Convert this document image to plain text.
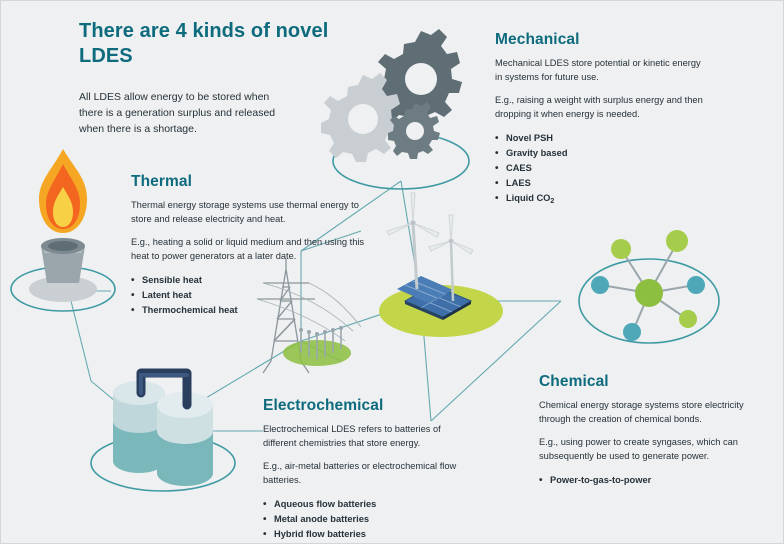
There are 4 kinds of novel LDES
All LDES allow energy to be stored when there is a generation surplus and released when there is a shortage.
Mechanical

Mechanical LDES store potential or kinetic energy in systems for future use.

E.g., raising a weight with surplus energy and then dropping it when energy is needed.

• Novel PSH
• Gravity based
• CAES
• LAES
• Liquid $CO_2$
Thermal

Thermal energy storage systems use thermal energy to store and release electricity and heat.

E.g., heating a solid or liquid medium and then using this heat to power generators at a later date.

• Sensible heat
• Latent heat
• Thermochemical heat
Chemical

Chemical energy storage systems store electricity through the creation of chemical bonds.

E.g., using power to create syngases, which can subsequently be used to generate power.

• Power-to-gas-to-power
Electrochemical

Electrochemical LDES refers to batteries of different chemistries that store energy.

E.g., air-metal batteries or electrochemical flow batteries.

• Aqueous flow batteries
• Metal anode batteries
• Hybrid flow batteries
